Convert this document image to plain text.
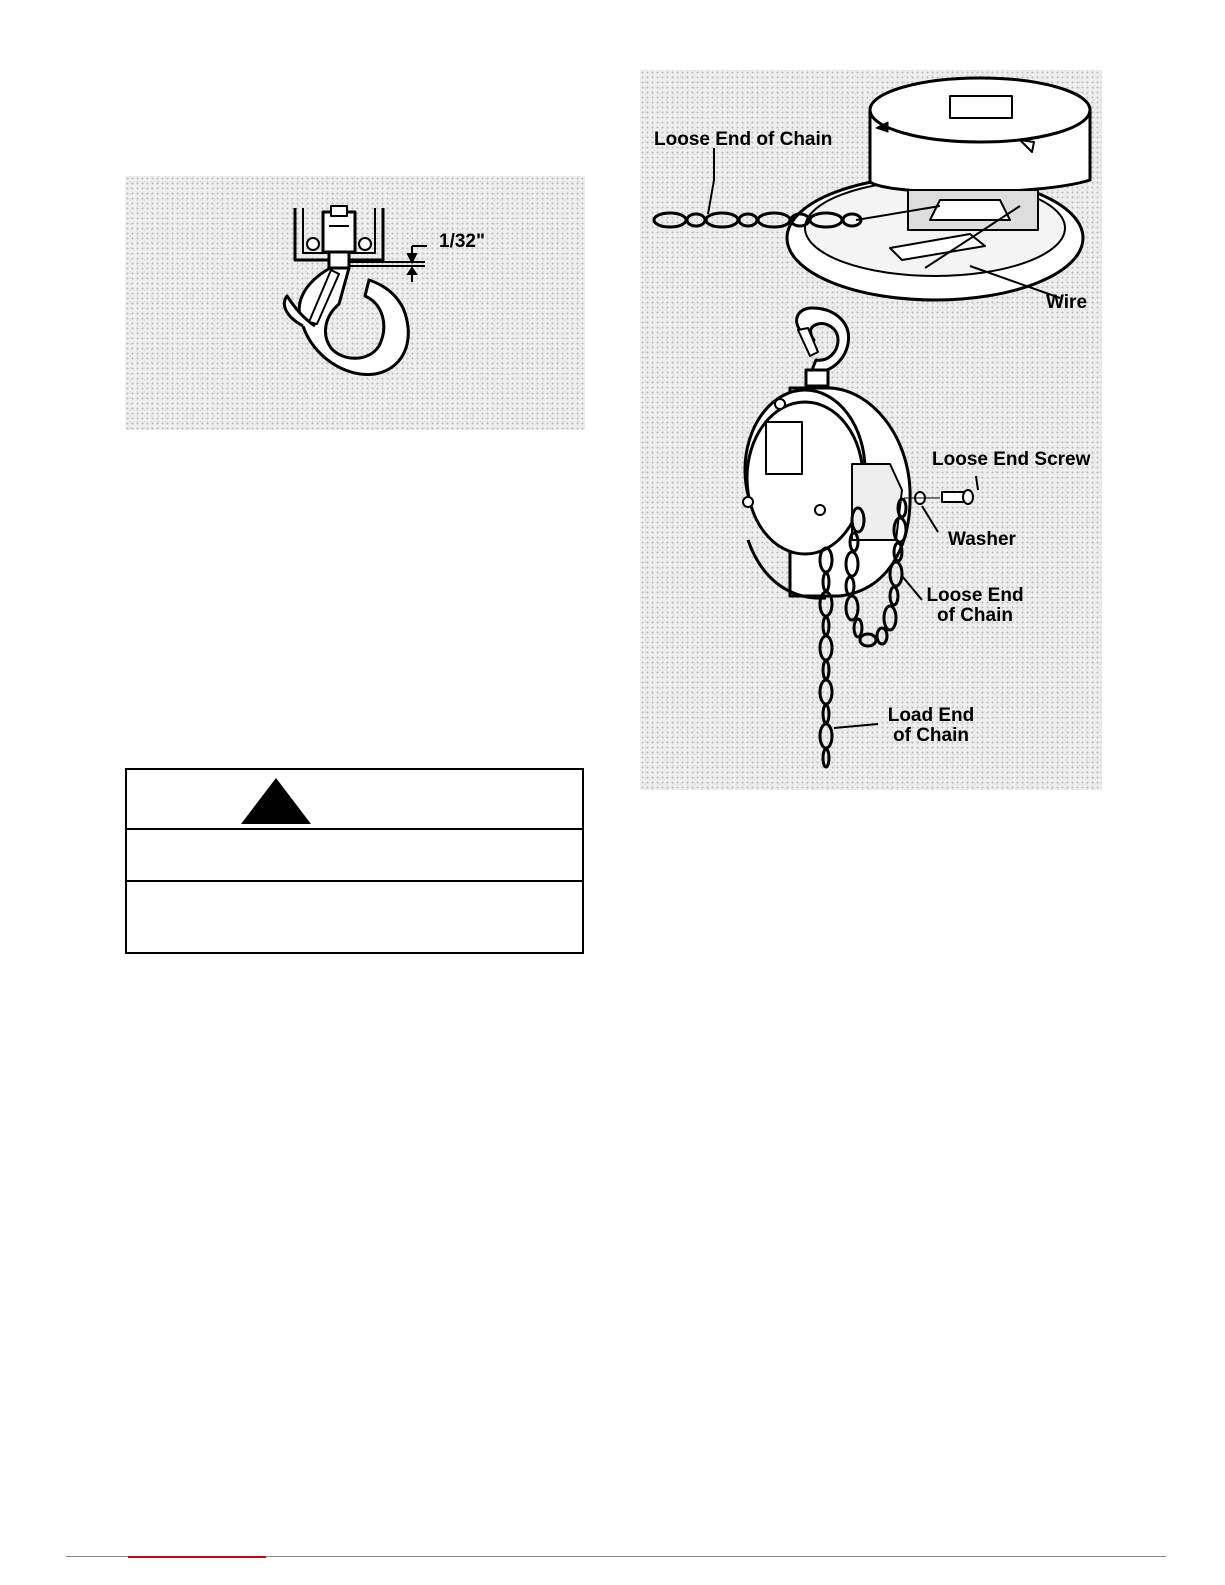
1/32"
Loose End of Chain
Wire
Loose End Screw
Washer
Loose End
of Chain
Load End
of Chain
